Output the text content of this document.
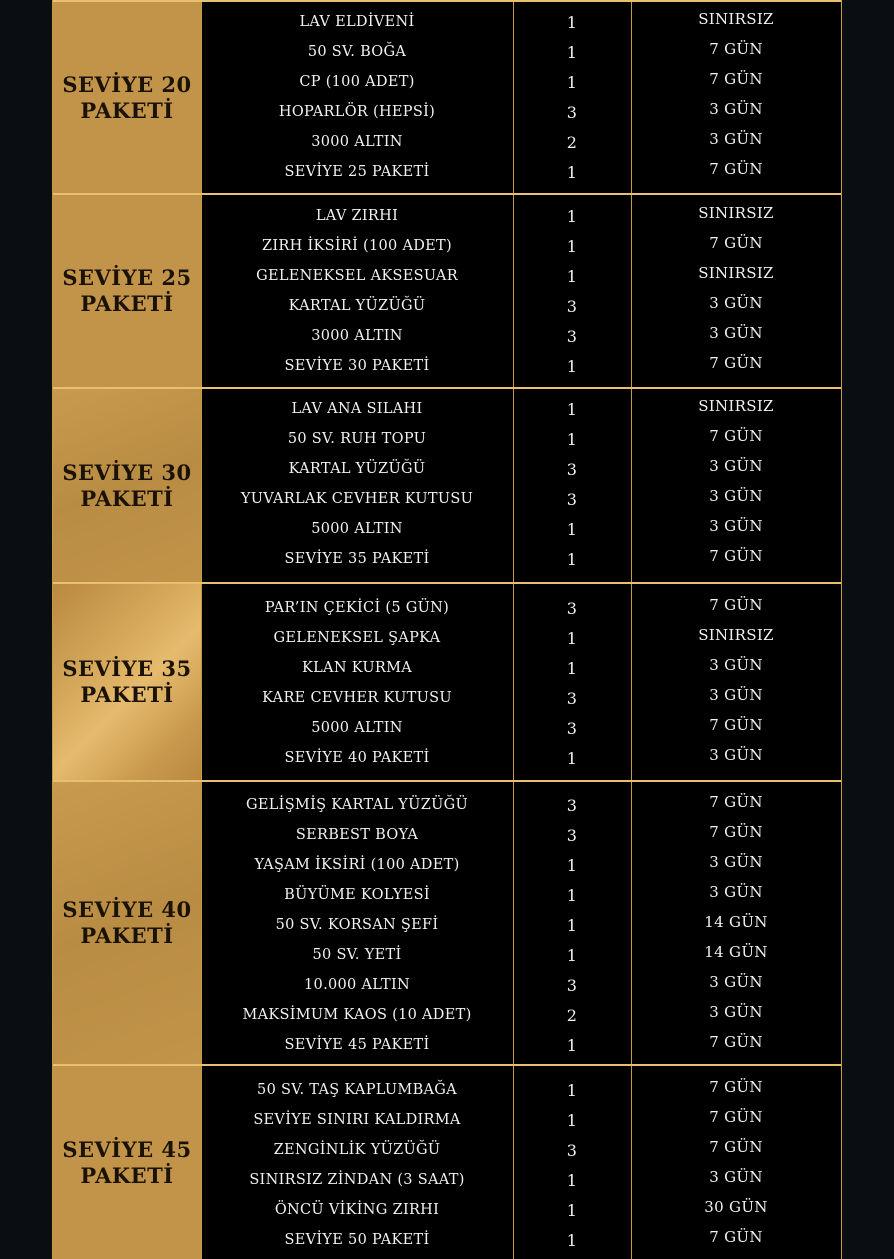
SEVİYE 20
PAKETİ
LAV ELDİVENİ	1	SINIRSIZ
50 SV. BOĞA	1	7 GÜN
CP (100 ADET)	1	7 GÜN
HOPARLÖR (HEPSİ)	3	3 GÜN
3000 ALTIN	2	3 GÜN
SEVİYE 25 PAKETİ	1	7 GÜN
SEVİYE 25
PAKETİ
LAV ZIRHI	1	SINIRSIZ
ZIRH İKSİRİ (100 ADET)	1	7 GÜN
GELENEKSEL AKSESUAR	1	SINIRSIZ
KARTAL YÜZÜĞÜ	3	3 GÜN
3000 ALTIN	3	3 GÜN
SEVİYE 30 PAKETİ	1	7 GÜN
SEVİYE 30
PAKETİ
LAV ANA SILAHI	1	SINIRSIZ
50 SV. RUH TOPU	1	7 GÜN
KARTAL YÜZÜĞÜ	3	3 GÜN
YUVARLAK CEVHER KUTUSU	3	3 GÜN
5000 ALTIN	1	3 GÜN
SEVİYE 35 PAKETİ	1	7 GÜN
SEVİYE 35
PAKETİ
PAR’IN ÇEKİCİ (5 GÜN)	3	7 GÜN
GELENEKSEL ŞAPKA	1	SINIRSIZ
KLAN KURMA	1	3 GÜN
KARE CEVHER KUTUSU	3	3 GÜN
5000 ALTIN	3	7 GÜN
SEVİYE 40 PAKETİ	1	3 GÜN
SEVİYE 40
PAKETİ
GELİŞMİŞ KARTAL YÜZÜĞÜ	3	7 GÜN
SERBEST BOYA	3	7 GÜN
YAŞAM İKSİRİ (100 ADET)	1	3 GÜN
BÜYÜME KOLYESİ	1	3 GÜN
50 SV. KORSAN ŞEFİ	1	14 GÜN
50 SV. YETİ	1	14 GÜN
10.000 ALTIN	3	3 GÜN
MAKSİMUM KAOS (10 ADET)	2	3 GÜN
SEVİYE 45 PAKETİ	1	7 GÜN
SEVİYE 45
PAKETİ
50 SV. TAŞ KAPLUMBAĞA	1	7 GÜN
SEVİYE SINIRI KALDIRMA	1	7 GÜN
ZENGİNLİK YÜZÜĞÜ	3	7 GÜN
SINIRSIZ ZİNDAN (3 SAAT)	1	3 GÜN
ÖNCÜ VİKİNG ZIRHI	1	30 GÜN
SEVİYE 50 PAKETİ	1	7 GÜN
